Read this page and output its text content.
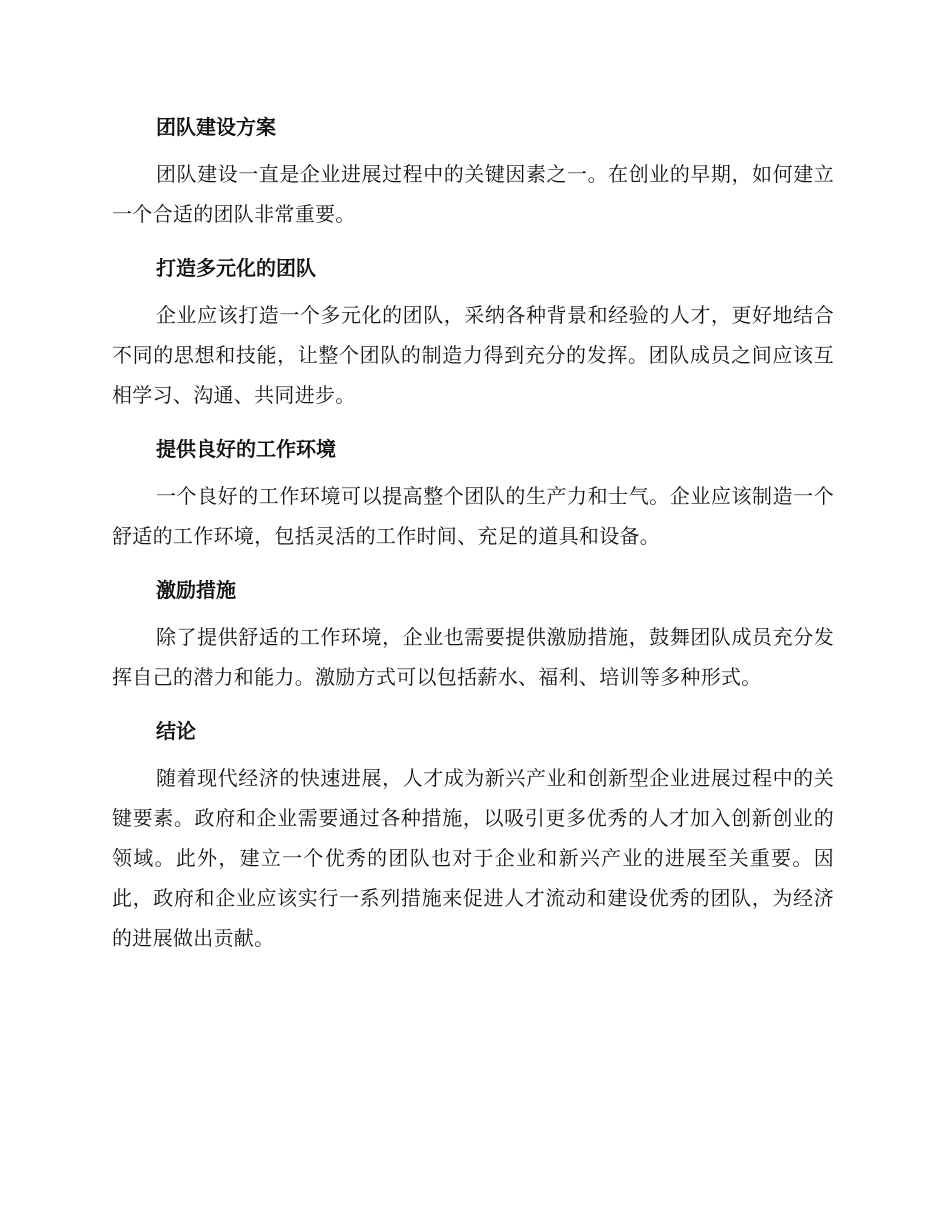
团队建设方案

团队建设一直是企业进展过程中的关键因素之一。在创业的早期，如何建立一个合适的团队非常重要。

打造多元化的团队

企业应该打造一个多元化的团队，采纳各种背景和经验的人才，更好地结合不同的思想和技能，让整个团队的制造力得到充分的发挥。团队成员之间应该互相学习、沟通、共同进步。

提供良好的工作环境

一个良好的工作环境可以提高整个团队的生产力和士气。企业应该制造一个舒适的工作环境，包括灵活的工作时间、充足的道具和设备。

激励措施

除了提供舒适的工作环境，企业也需要提供激励措施，鼓舞团队成员充分发挥自己的潜力和能力。激励方式可以包括薪水、福利、培训等多种形式。

结论

随着现代经济的快速进展，人才成为新兴产业和创新型企业进展过程中的关键要素。政府和企业需要通过各种措施，以吸引更多优秀的人才加入创新创业的领域。此外，建立一个优秀的团队也对于企业和新兴产业的进展至关重要。因此，政府和企业应该实行一系列措施来促进人才流动和建设优秀的团队，为经济的进展做出贡献。
